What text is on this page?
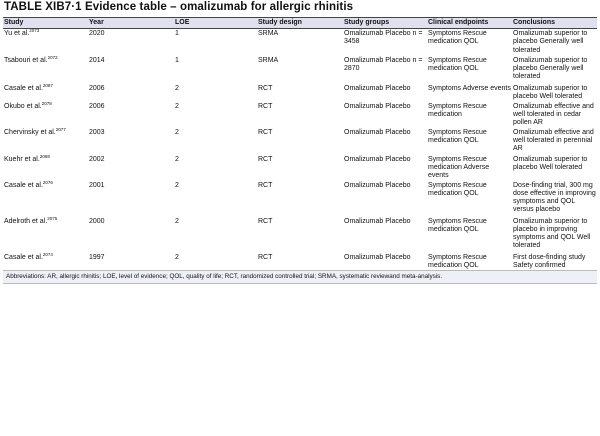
TABLE XIB7·1 Evidence table – omalizumab for allergic rhinitis
Study	Year	LOE	Study design	Study groups	Clinical endpoints	Conclusions
Yu et al.$^{2073}$	2020	1	SRMA	Omalizumab Placebo n = 3458	Symptoms Rescue medication QOL	Omalizumab superior to placebo Generally well tolerated
Tsabouri et al.$^{2072}$	2014	1	SRMA	Omalizumab Placebo n = 2870	Symptoms Rescue medication QOL	Omalizumab superior to placebo Generally well tolerated
Casale et al.$^{2087}$	2006	2	RCT	Omalizumab Placebo	Symptoms Adverse events	Omalizumab superior to placebo Well tolerated
Okubo et al.$^{2078}$	2006	2	RCT	Omalizumab Placebo	Symptoms Rescue medication	Omalizumab effective and well tolerated in cedar pollen AR
Chervinsky et al.$^{2077}$	2003	2	RCT	Omalizumab Placebo	Symptoms Rescue medication QOL	Omalizumab effective and well tolerated in perennial AR
Kuehr et al.$^{2088}$	2002	2	RCT	Omalizumab Placebo	Symptoms Rescue medication Adverse events	Omalizumab superior to placebo Well tolerated
Casale et al.$^{2076}$	2001	2	RCT	Omalizumab Placebo	Symptoms Rescue medication QOL	Dose-finding trial, 300 mg dose effective in improving symptoms and QOL versus placebo
Adelroth et al.$^{2075}$	2000	2	RCT	Omalizumab Placebo	Symptoms Rescue medication QOL	Omalizumab superior to placebo in improving symptoms and QOL Well tolerated
Casale et al.$^{2074}$	1997	2	RCT	Omalizumab Placebo	Symptoms Rescue medication QOL	First dose-finding study Safety confirmed
Abbreviations: AR, allergic rhinitis; LOE, level of evidence; QOL, quality of life; RCT, randomized controlled trial; SRMA, systematic reviewand meta-analysis.						
